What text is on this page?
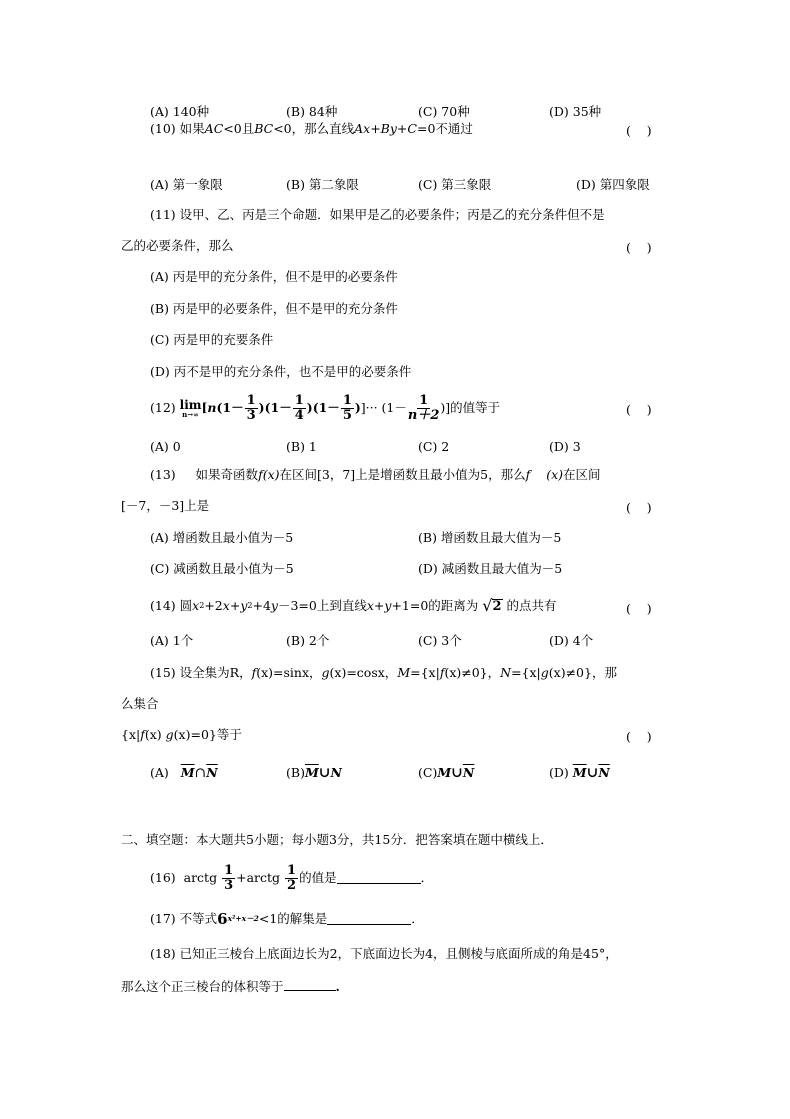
(A) 140种	(B) 84种	(C) 70种	(D) 35种
(10) 如果AC<0且BC<0，那么直线Ax+By+C=0不通过	(    )
(A) 第一象限	(B) 第二象限	(C) 第三象限	(D) 第四象限
(11) 设甲、乙、丙是三个命题．如果甲是乙的必要条件；丙是乙的充分条件但不是
乙的必要条件，那么	(    )
(A) 丙是甲的充分条件，但不是甲的必要条件
(B) 丙是甲的必要条件，但不是甲的充分条件
(C) 丙是甲的充要条件
(D) 丙不是甲的充分条件，也不是甲的必要条件
(12)
lim
n→∞ [ n ($1- \frac{1}{3}$ ) ($1- \frac{1}{4}$ ) ($1- \frac{1}{5}$ ) ]··· ($1- \frac{1}{n+2}$ )]的值等于	(    )
(A) 0	(B) 1	(C) 2	(D) 3
(13) 如果奇函数f(x)在区间[3，7]上是增函数且最小值为5，那么f (x)在区间
[－7，－3]上是	(    )
(A) 增函数且最小值为－5	(B) 增函数且最大值为－5
(C) 减函数且最小值为－5	(D) 减函数且最大值为－5
(14)
圆 x 2 +2 x + y 2 +4 y －3=0上到直线 x+y +1=0的距离为
√ 2
的点共有	(    )
(A) 1个	(B) 2个	(C) 3个	(D) 4个
(15) 设全集为R，f(x)=sinx，g(x)=cosx，M={x|f(x)≠0}，N={x|g(x)≠0}，那
么集合
{x|f(x) g(x)=0}等于	(    )
(A) $\overline{M}\cap\overline{N}$	$(B)\overline{M}\cup N$	$(C)M\cup\overline{N}$	(D) $\overline{M}\cup\overline{N}$
二、填空题：本大题共5小题；每小题3分，共15分．把答案填在题中横线上．
(16)
arctg
$\frac{1}{3}$ +arctg
$\frac{1}{2}$ 的值是	．
(17)
不等式 6 x²+x－2 <1的解集是	．
(18) 已知正三棱台上底面边长为2，下底面边长为4，且侧棱与底面所成的角是45°，
那么这个正三棱台的体积等于	.
